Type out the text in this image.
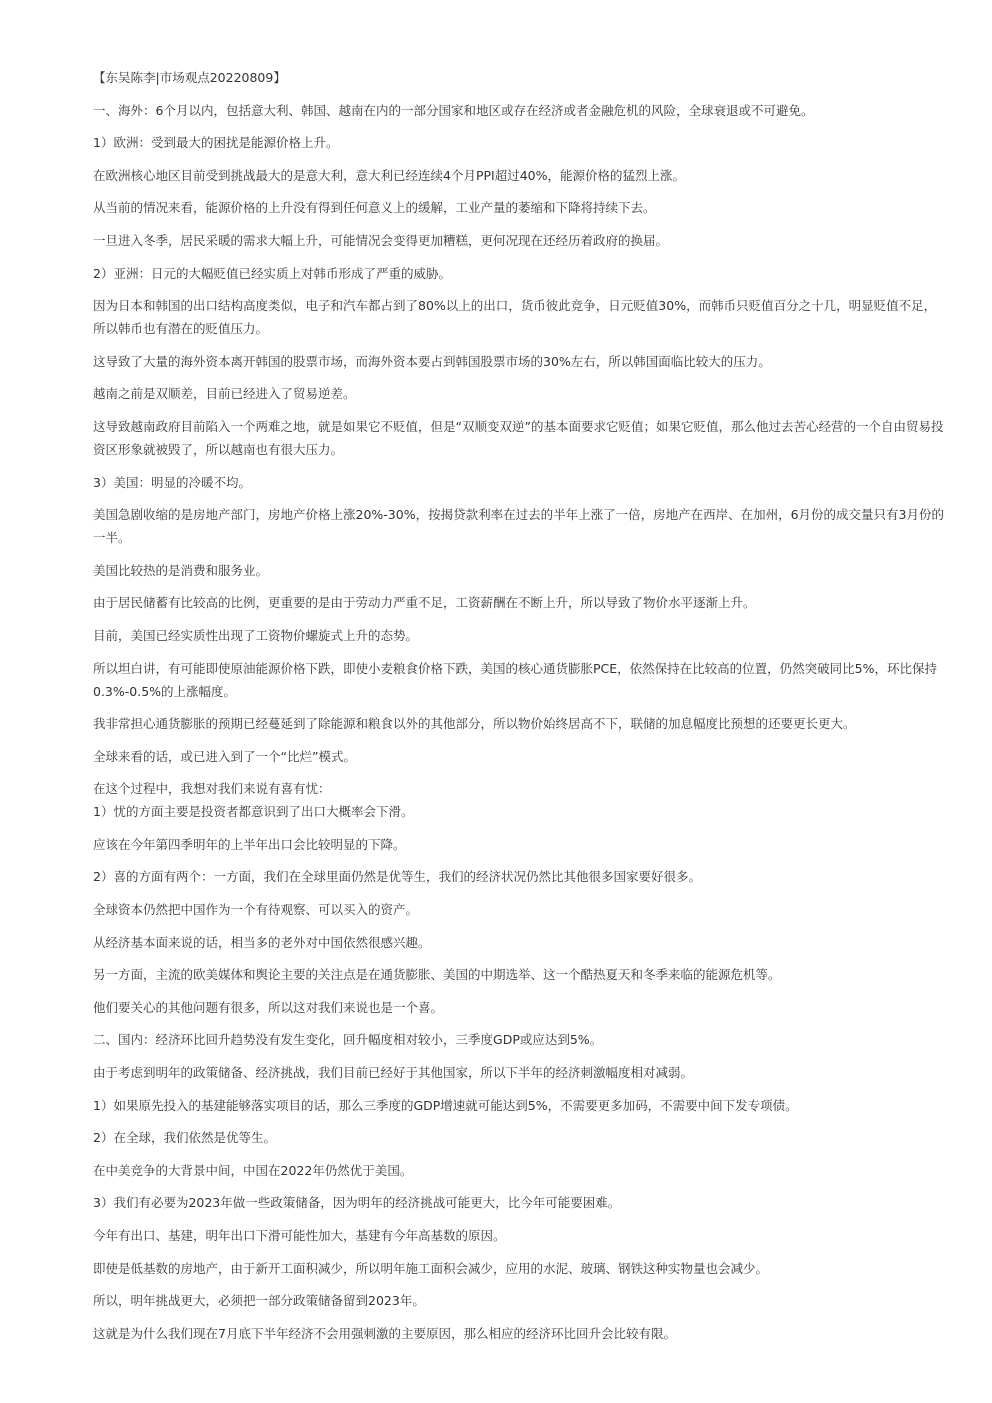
【东吴陈李|市场观点20220809】

一、海外：6个月以内，包括意大利、韩国、越南在内的一部分国家和地区或存在经济或者金融危机的风险，全球衰退或不可避免。

1）欧洲：受到最大的困扰是能源价格上升。

在欧洲核心地区目前受到挑战最大的是意大利，意大利已经连续4个月PPI超过40%，能源价格的猛烈上涨。

从当前的情况来看，能源价格的上升没有得到任何意义上的缓解，工业产量的萎缩和下降将持续下去。

一旦进入冬季，居民采暖的需求大幅上升，可能情况会变得更加糟糕，更何况现在还经历着政府的换届。

2）亚洲：日元的大幅贬值已经实质上对韩币形成了严重的威胁。

因为日本和韩国的出口结构高度类似，电子和汽车都占到了80%以上的出口，货币彼此竞争，日元贬值30%，而韩币只贬值百分之十几，明显贬值不足，所以韩币也有潜在的贬值压力。

这导致了大量的海外资本离开韩国的股票市场，而海外资本要占到韩国股票市场的30%左右，所以韩国面临比较大的压力。

越南之前是双顺差，目前已经进入了贸易逆差。

这导致越南政府目前陷入一个两难之地，就是如果它不贬值，但是“双顺变双逆”的基本面要求它贬值；如果它贬值，那么他过去苦心经营的一个自由贸易投资区形象就被毁了，所以越南也有很大压力。

3）美国：明显的冷暖不均。

美国急剧收缩的是房地产部门，房地产价格上涨20%-30%，按揭贷款利率在过去的半年上涨了一倍，房地产在西岸、在加州，6月份的成交量只有3月份的一半。

美国比较热的是消费和服务业。

由于居民储蓄有比较高的比例，更重要的是由于劳动力严重不足，工资薪酬在不断上升，所以导致了物价水平逐渐上升。

目前，美国已经实质性出现了工资物价螺旋式上升的态势。

所以坦白讲，有可能即使原油能源价格下跌，即使小麦粮食价格下跌，美国的核心通货膨胀PCE，依然保持在比较高的位置，仍然突破同比5%，环比保持0.3%-0.5%的上涨幅度。

我非常担心通货膨胀的预期已经蔓延到了除能源和粮食以外的其他部分，所以物价始终居高不下，联储的加息幅度比预想的还要更长更大。

全球来看的话，或已进入到了一个“比烂”模式。

在这个过程中，我想对我们来说有喜有忧：

1）忧的方面主要是投资者都意识到了出口大概率会下滑。

应该在今年第四季明年的上半年出口会比较明显的下降。

2）喜的方面有两个：一方面，我们在全球里面仍然是优等生，我们的经济状况仍然比其他很多国家要好很多。

全球资本仍然把中国作为一个有待观察、可以买入的资产。

从经济基本面来说的话，相当多的老外对中国依然很感兴趣。

另一方面，主流的欧美媒体和舆论主要的关注点是在通货膨胀、美国的中期选举、这一个酷热夏天和冬季来临的能源危机等。

他们要关心的其他问题有很多，所以这对我们来说也是一个喜。

二、国内：经济环比回升趋势没有发生变化，回升幅度相对较小，三季度GDP或应达到5%。

由于考虑到明年的政策储备、经济挑战，我们目前已经好于其他国家，所以下半年的经济刺激幅度相对减弱。

1）如果原先投入的基建能够落实项目的话，那么三季度的GDP增速就可能达到5%，不需要更多加码，不需要中间下发专项债。

2）在全球，我们依然是优等生。

在中美竞争的大背景中间，中国在2022年仍然优于美国。

3）我们有必要为2023年做一些政策储备，因为明年的经济挑战可能更大，比今年可能要困难。

今年有出口、基建，明年出口下滑可能性加大，基建有今年高基数的原因。

即使是低基数的房地产，由于新开工面积减少，所以明年施工面积会减少，应用的水泥、玻璃、钢铁这种实物量也会减少。

所以，明年挑战更大，必须把一部分政策储备留到2023年。

这就是为什么我们现在7月底下半年经济不会用强刺激的主要原因，那么相应的经济环比回升会比较有限。
